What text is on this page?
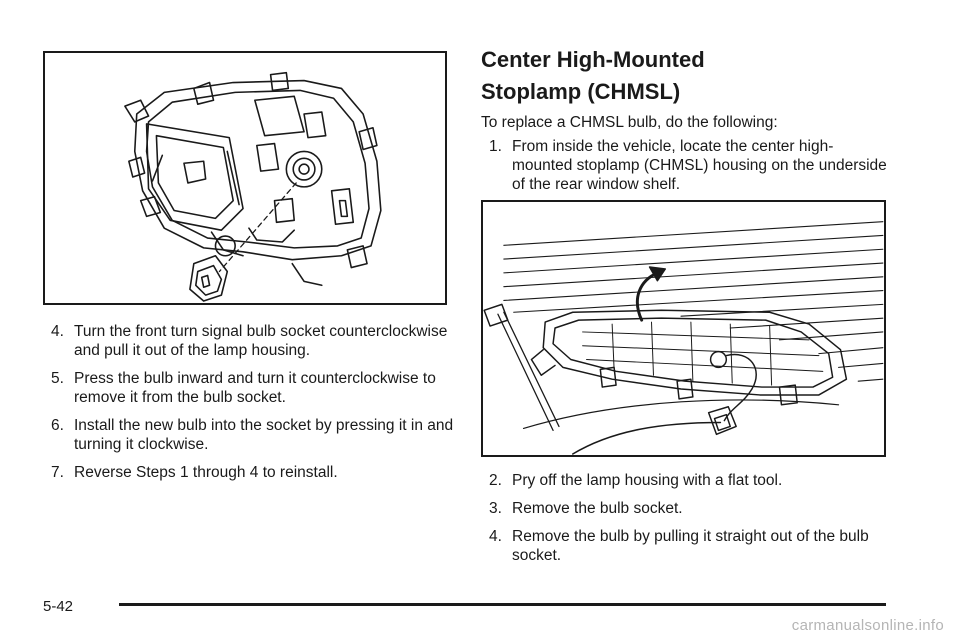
4. Turn the front turn signal bulb socket counterclockwise and pull it out of the lamp housing.
5. Press the bulb inward and turn it counterclockwise to remove it from the bulb socket.
6. Install the new bulb into the socket by pressing it in and turning it clockwise.
7. Reverse Steps 1 through 4 to reinstall.
Center High-Mounted
Stoplamp (CHMSL)

To replace a CHMSL bulb, do the following:

1. From inside the vehicle, locate the center high-mounted stoplamp (CHMSL) housing on the underside of the rear window shelf.
2. Pry off the lamp housing with a flat tool.
3. Remove the bulb socket.
4. Remove the bulb by pulling it straight out of the bulb socket.
5-42
carmanualsonline.info
